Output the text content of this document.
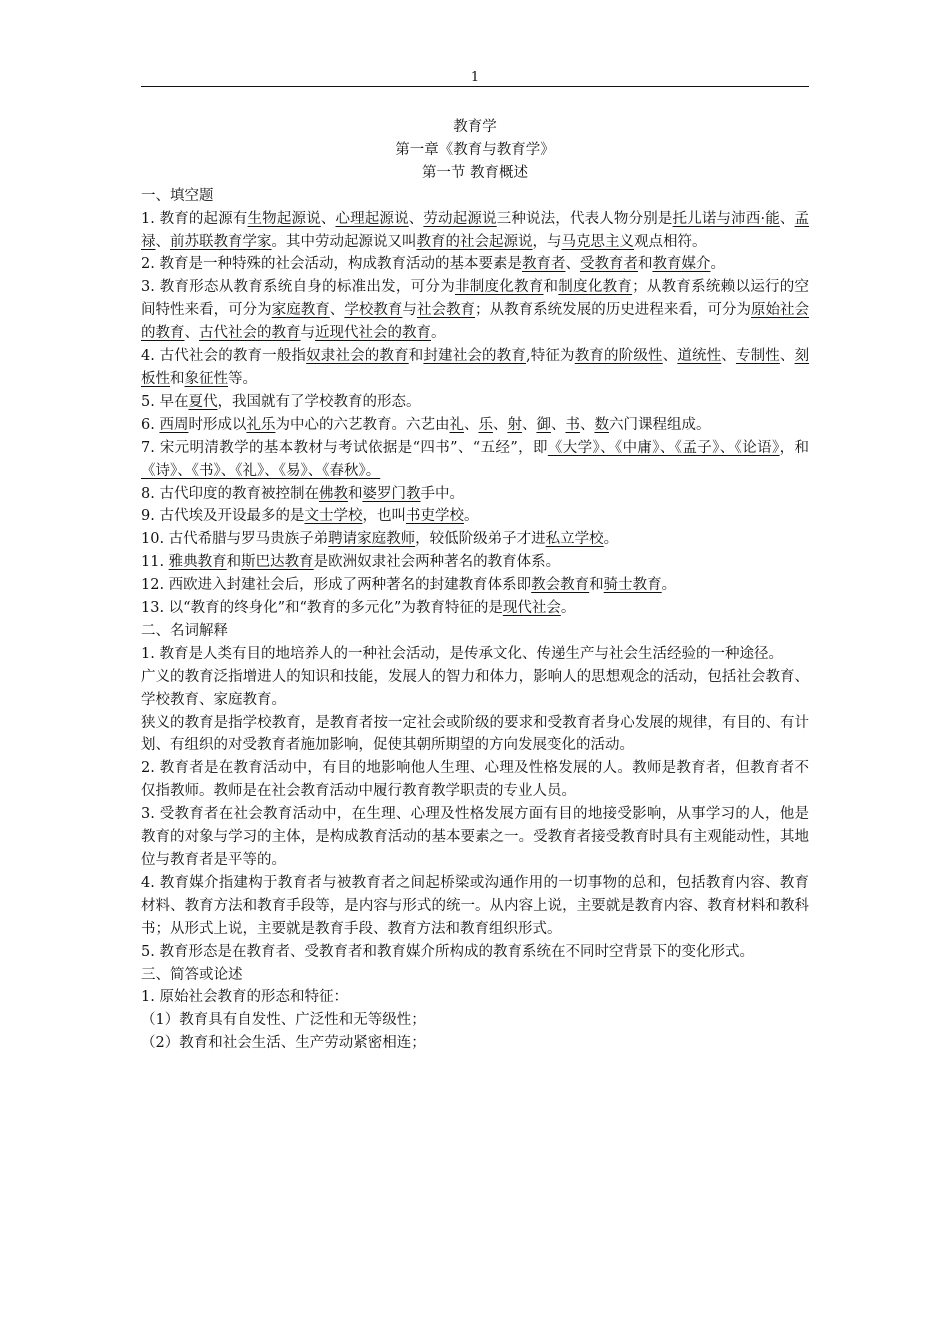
1
教育学
第一章《教育与教育学》
第一节 教育概述
一、填空题
1. 教育的起源有生物起源说、心理起源说、劳动起源说三种说法，代表人物分别是托儿诺与沛西·能、孟禄、前苏联教育学家。其中劳动起源说又叫教育的社会起源说，与马克思主义观点相符。
2. 教育是一种特殊的社会活动，构成教育活动的基本要素是教育者、受教育者和教育媒介。
3. 教育形态从教育系统自身的标准出发，可分为非制度化教育和制度化教育；从教育系统赖以运行的空间特性来看，可分为家庭教育、学校教育与社会教育；从教育系统发展的历史进程来看，可分为原始社会的教育、古代社会的教育与近现代社会的教育。
4. 古代社会的教育一般指奴隶社会的教育和封建社会的教育,特征为教育的阶级性、道统性、专制性、刻板性和象征性等。
5. 早在夏代，我国就有了学校教育的形态。
6. 西周时形成以礼乐为中心的六艺教育。六艺由礼、乐、射、御、书、数六门课程组成。
7. 宋元明清教学的基本教材与考试依据是“四书”、“五经”，即《大学》、《中庸》、《孟子》、《论语》，和《诗》、《书》、《礼》、《易》、《春秋》。
8. 古代印度的教育被控制在佛教和婆罗门教手中。
9. 古代埃及开设最多的是文士学校，也叫书吏学校。
10. 古代希腊与罗马贵族子弟聘请家庭教师，较低阶级弟子才进私立学校。
11. 雅典教育和斯巴达教育是欧洲奴隶社会两种著名的教育体系。
12. 西欧进入封建社会后，形成了两种著名的封建教育体系即教会教育和骑士教育。
13. 以“教育的终身化”和“教育的多元化”为教育特征的是现代社会。
二、名词解释
1. 教育是人类有目的地培养人的一种社会活动，是传承文化、传递生产与社会生活经验的一种途径。
广义的教育泛指增进人的知识和技能，发展人的智力和体力，影响人的思想观念的活动，包括社会教育、学校教育、家庭教育。
狭义的教育是指学校教育，是教育者按一定社会或阶级的要求和受教育者身心发展的规律，有目的、有计划、有组织的对受教育者施加影响，促使其朝所期望的方向发展变化的活动。
2. 教育者是在教育活动中，有目的地影响他人生理、心理及性格发展的人。教师是教育者，但教育者不仅指教师。教师是在社会教育活动中履行教育教学职责的专业人员。
3. 受教育者在社会教育活动中，在生理、心理及性格发展方面有目的地接受影响，从事学习的人，他是教育的对象与学习的主体，是构成教育活动的基本要素之一。受教育者接受教育时具有主观能动性，其地位与教育者是平等的。
4. 教育媒介指建构于教育者与被教育者之间起桥梁或沟通作用的一切事物的总和，包括教育内容、教育材料、教育方法和教育手段等，是内容与形式的统一。从内容上说，主要就是教育内容、教育材料和教科书；从形式上说，主要就是教育手段、教育方法和教育组织形式。
5. 教育形态是在教育者、受教育者和教育媒介所构成的教育系统在不同时空背景下的变化形式。
三、简答或论述
1. 原始社会教育的形态和特征：
（1）教育具有自发性、广泛性和无等级性；
（2）教育和社会生活、生产劳动紧密相连；
